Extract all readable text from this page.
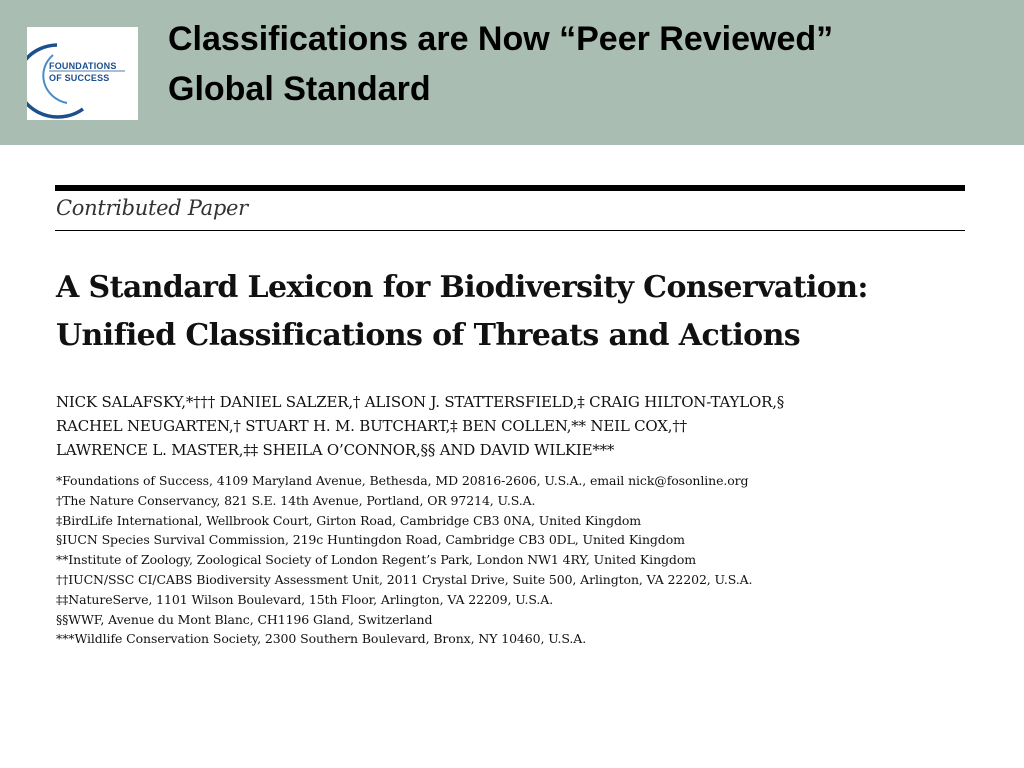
FOUNDATIONS
OF SUCCESS
Classifications are Now “Peer Reviewed”
Global Standard
Contributed Paper
A Standard Lexicon for Biodiversity Conservation:
Unified Classifications of Threats and Actions
NICK SALAFSKY,*††† DANIEL SALZER,† ALISON J. STATTERSFIELD,‡ CRAIG HILTON-TAYLOR,§
RACHEL NEUGARTEN,† STUART H. M. BUTCHART,‡ BEN COLLEN,** NEIL COX,††
LAWRENCE L. MASTER,‡‡ SHEILA O’CONNOR,§§ AND DAVID WILKIE***
*Foundations of Success, 4109 Maryland Avenue, Bethesda, MD 20816-2606, U.S.A., email nick@fosonline.org
†The Nature Conservancy, 821 S.E. 14th Avenue, Portland, OR 97214, U.S.A.
‡BirdLife International, Wellbrook Court, Girton Road, Cambridge CB3 0NA, United Kingdom
§IUCN Species Survival Commission, 219c Huntingdon Road, Cambridge CB3 0DL, United Kingdom
**Institute of Zoology, Zoological Society of London Regent’s Park, London NW1 4RY, United Kingdom
††IUCN/SSC CI/CABS Biodiversity Assessment Unit, 2011 Crystal Drive, Suite 500, Arlington, VA 22202, U.S.A.
‡‡NatureServe, 1101 Wilson Boulevard, 15th Floor, Arlington, VA 22209, U.S.A.
§§WWF, Avenue du Mont Blanc, CH1196 Gland, Switzerland
***Wildlife Conservation Society, 2300 Southern Boulevard, Bronx, NY 10460, U.S.A.
